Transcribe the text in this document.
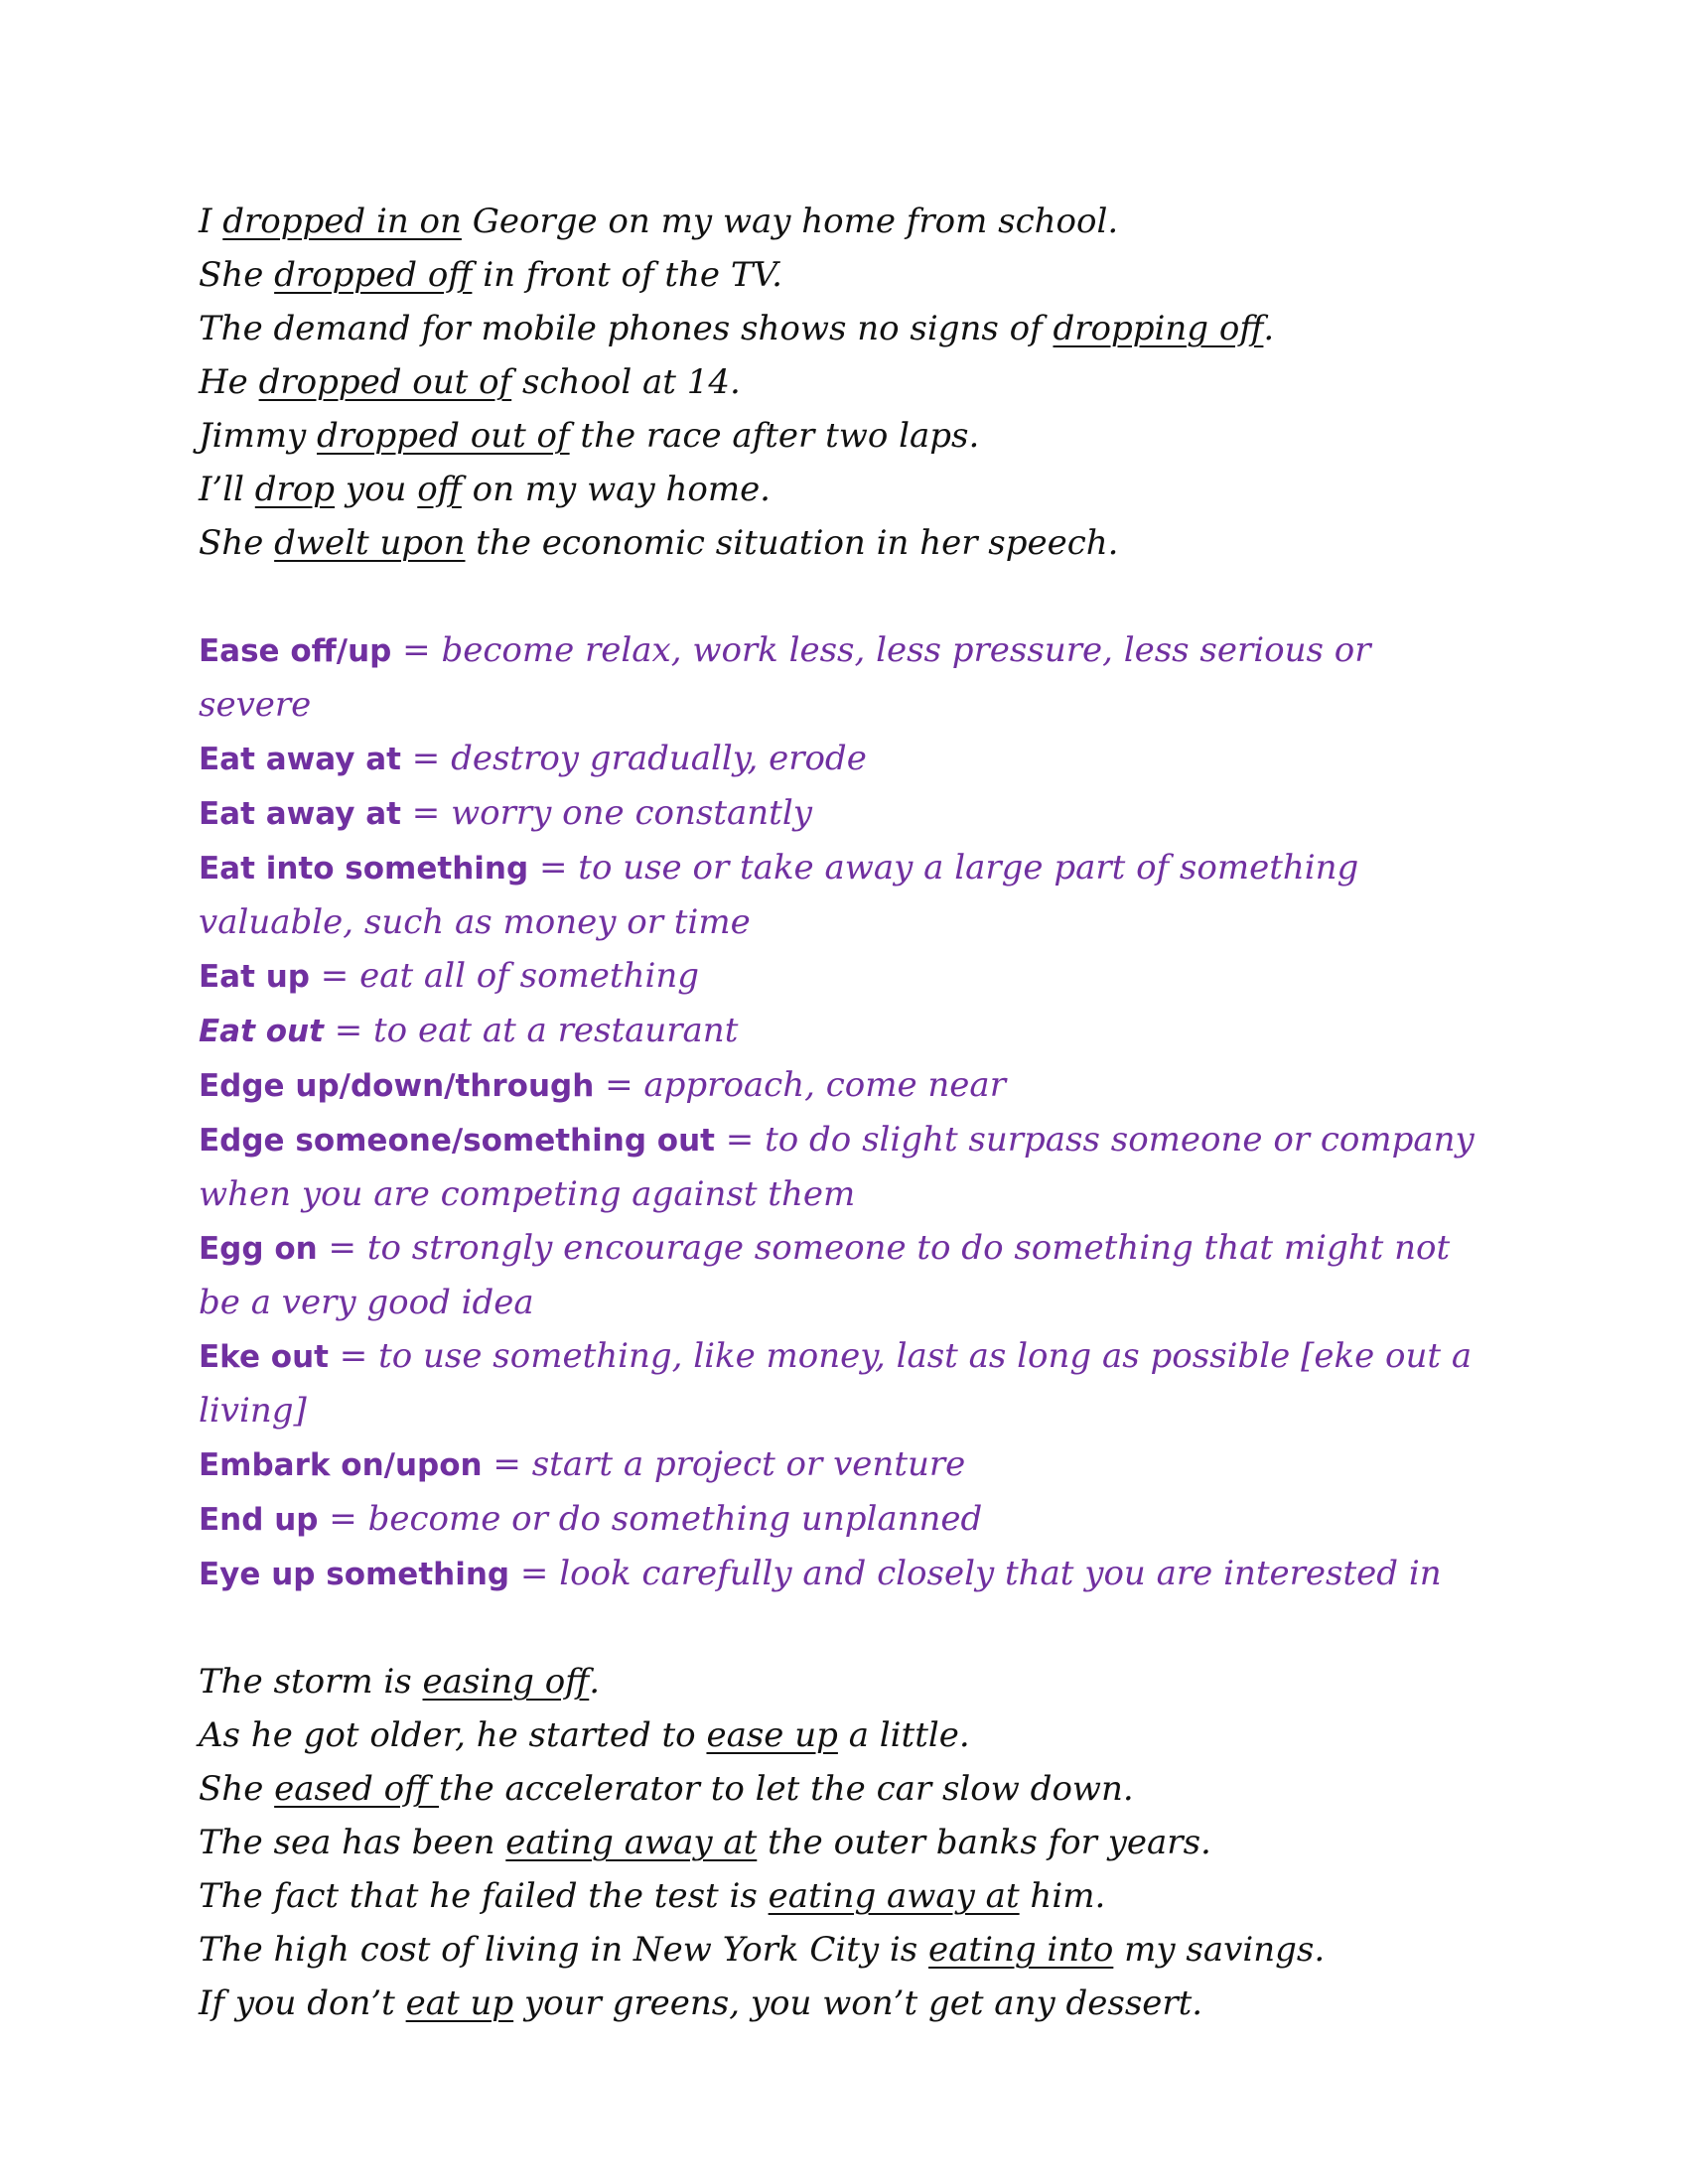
I dropped in on George on my way home from school.

She dropped off in front of the TV.

The demand for mobile phones shows no signs of dropping off.

He dropped out of school at 14.

Jimmy dropped out of the race after two laps.

I’ll drop you off on my way home.

She dwelt upon the economic situation in her speech.

Ease off/up = become relax, work less, less pressure, less serious or severe

Eat away at = destroy gradually, erode

Eat away at = worry one constantly

Eat into something = to use or take away a large part of something valuable, such as money or time

Eat up = eat all of something

Eat out = to eat at a restaurant

Edge up/down/through = approach, come near

Edge someone/something out = to do slight surpass someone or company when you are competing against them

Egg on = to strongly encourage someone to do something that might not be a very good idea

Eke out = to use something, like money, last as long as possible [eke out a living]

Embark on/upon = start a project or venture

End up = become or do something unplanned

Eye up something = look carefully and closely that you are interested in

The storm is easing off.

As he got older, he started to ease up a little.

She eased off the accelerator to let the car slow down.

The sea has been eating away at the outer banks for years.

The fact that he failed the test is eating away at him.

The high cost of living in New York City is eating into my savings.

If you don’t eat up your greens, you won’t get any dessert.
